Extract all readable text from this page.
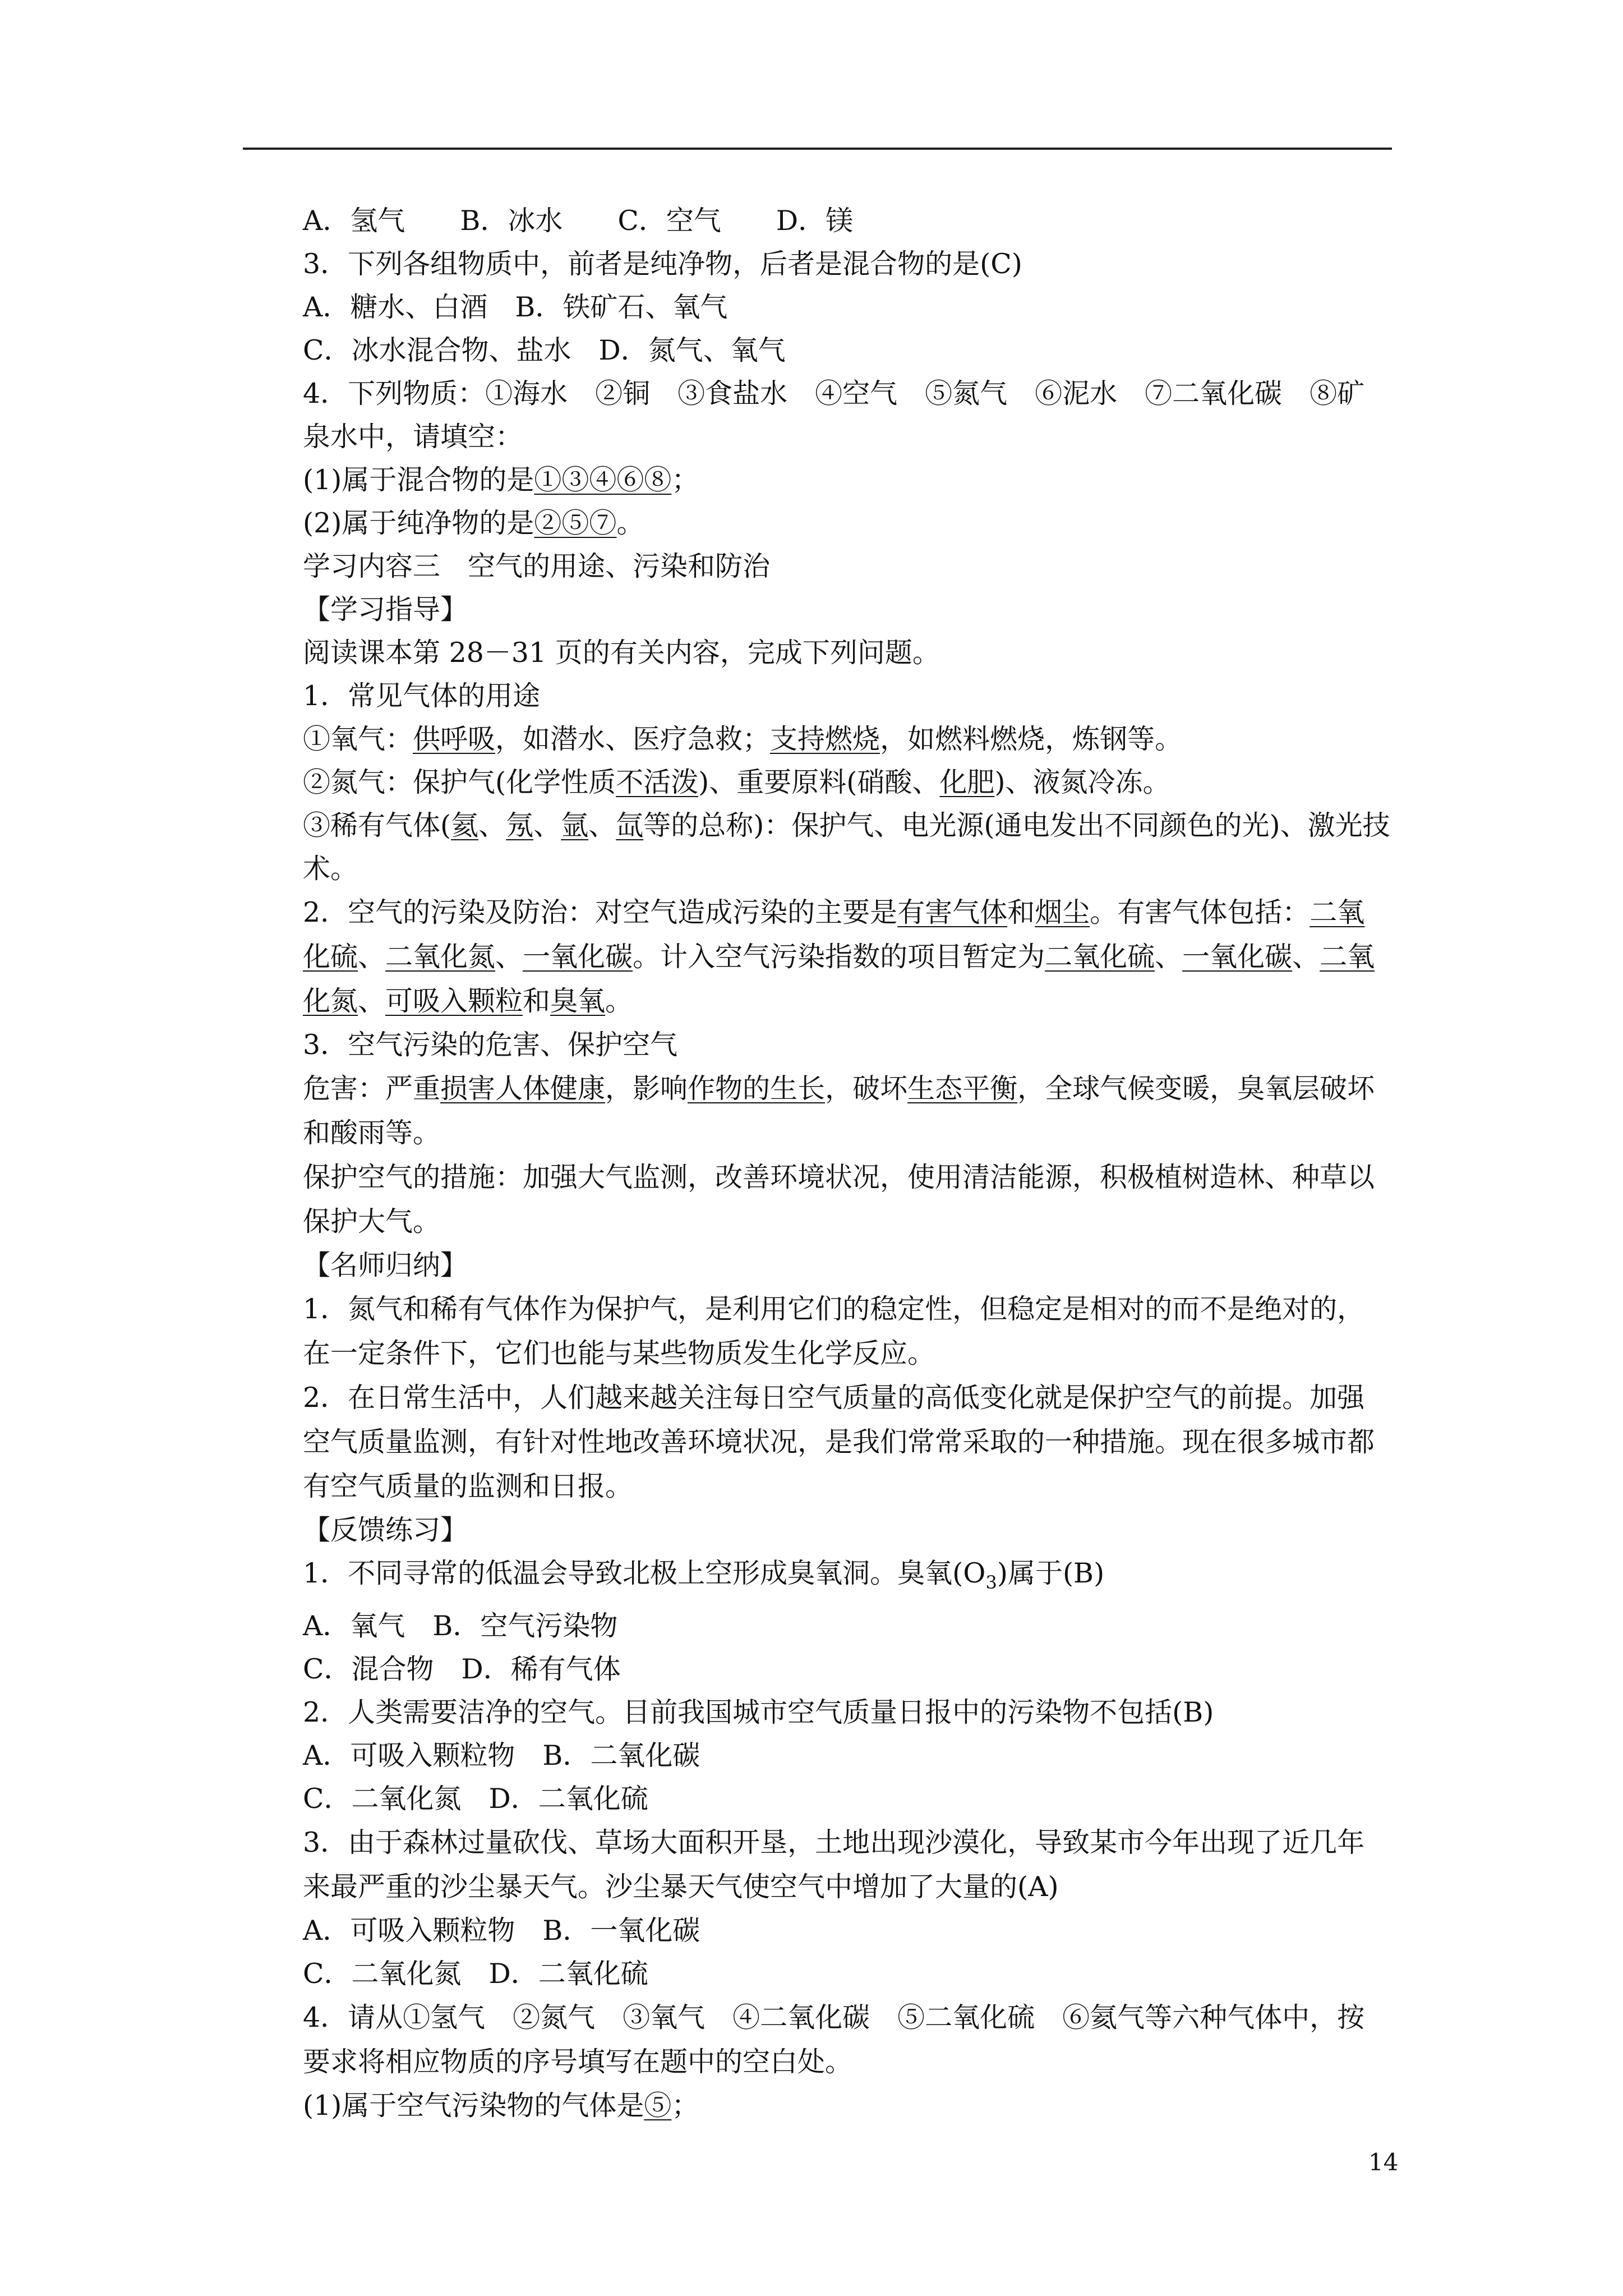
A．氢气　　B．冰水　　C．空气　　D．镁
3．下列各组物质中，前者是纯净物，后者是混合物的是(C)
A．糖水、白酒　B．铁矿石、氧气
C．冰水混合物、盐水　D．氮气、氧气
4．下列物质：①海水　②铜　③食盐水　④空气　⑤氮气　⑥泥水　⑦二氧化碳　⑧矿泉水中，请填空：
(1)属于混合物的是①③④⑥⑧；
(2)属于纯净物的是②⑤⑦。
学习内容三　空气的用途、污染和防治
【学习指导】
阅读课本第 28－31 页的有关内容，完成下列问题。
1．常见气体的用途
①氧气：供呼吸，如潜水、医疗急救；支持燃烧，如燃料燃烧，炼钢等。
②氮气：保护气(化学性质不活泼)、重要原料(硝酸、化肥)、液氮冷冻。
③稀有气体(氦、氖、氩、氙等的总称)：保护气、电光源(通电发出不同颜色的光)、激光技术。
2．空气的污染及防治：对空气造成污染的主要是有害气体和烟尘。有害气体包括：二氧化硫、二氧化氮、一氧化碳。计入空气污染指数的项目暂定为二氧化硫、一氧化碳、二氧化氮、可吸入颗粒和臭氧。
3．空气污染的危害、保护空气
危害：严重损害人体健康，影响作物的生长，破坏生态平衡，全球气候变暖，臭氧层破坏和酸雨等。
保护空气的措施：加强大气监测，改善环境状况，使用清洁能源，积极植树造林、种草以保护大气。
【名师归纳】
1．氮气和稀有气体作为保护气，是利用它们的稳定性，但稳定是相对的而不是绝对的，在一定条件下，它们也能与某些物质发生化学反应。
2．在日常生活中，人们越来越关注每日空气质量的高低变化就是保护空气的前提。加强空气质量监测，有针对性地改善环境状况，是我们常常采取的一种措施。现在很多城市都有空气质量的监测和日报。
【反馈练习】
1．不同寻常的低温会导致北极上空形成臭氧洞。臭氧$(O_3)$属于(B)
A．氧气　B．空气污染物
C．混合物　D．稀有气体
2．人类需要洁净的空气。目前我国城市空气质量日报中的污染物不包括(B)
A．可吸入颗粒物　B．二氧化碳
C．二氧化氮　D．二氧化硫
3．由于森林过量砍伐、草场大面积开垦，土地出现沙漠化，导致某市今年出现了近几年来最严重的沙尘暴天气。沙尘暴天气使空气中增加了大量的(A)
A．可吸入颗粒物　B．一氧化碳
C．二氧化氮　D．二氧化硫
4．请从①氢气　②氮气　③氧气　④二氧化碳　⑤二氧化硫　⑥氦气等六种气体中，按要求将相应物质的序号填写在题中的空白处。
(1)属于空气污染物的气体是⑤；
14
